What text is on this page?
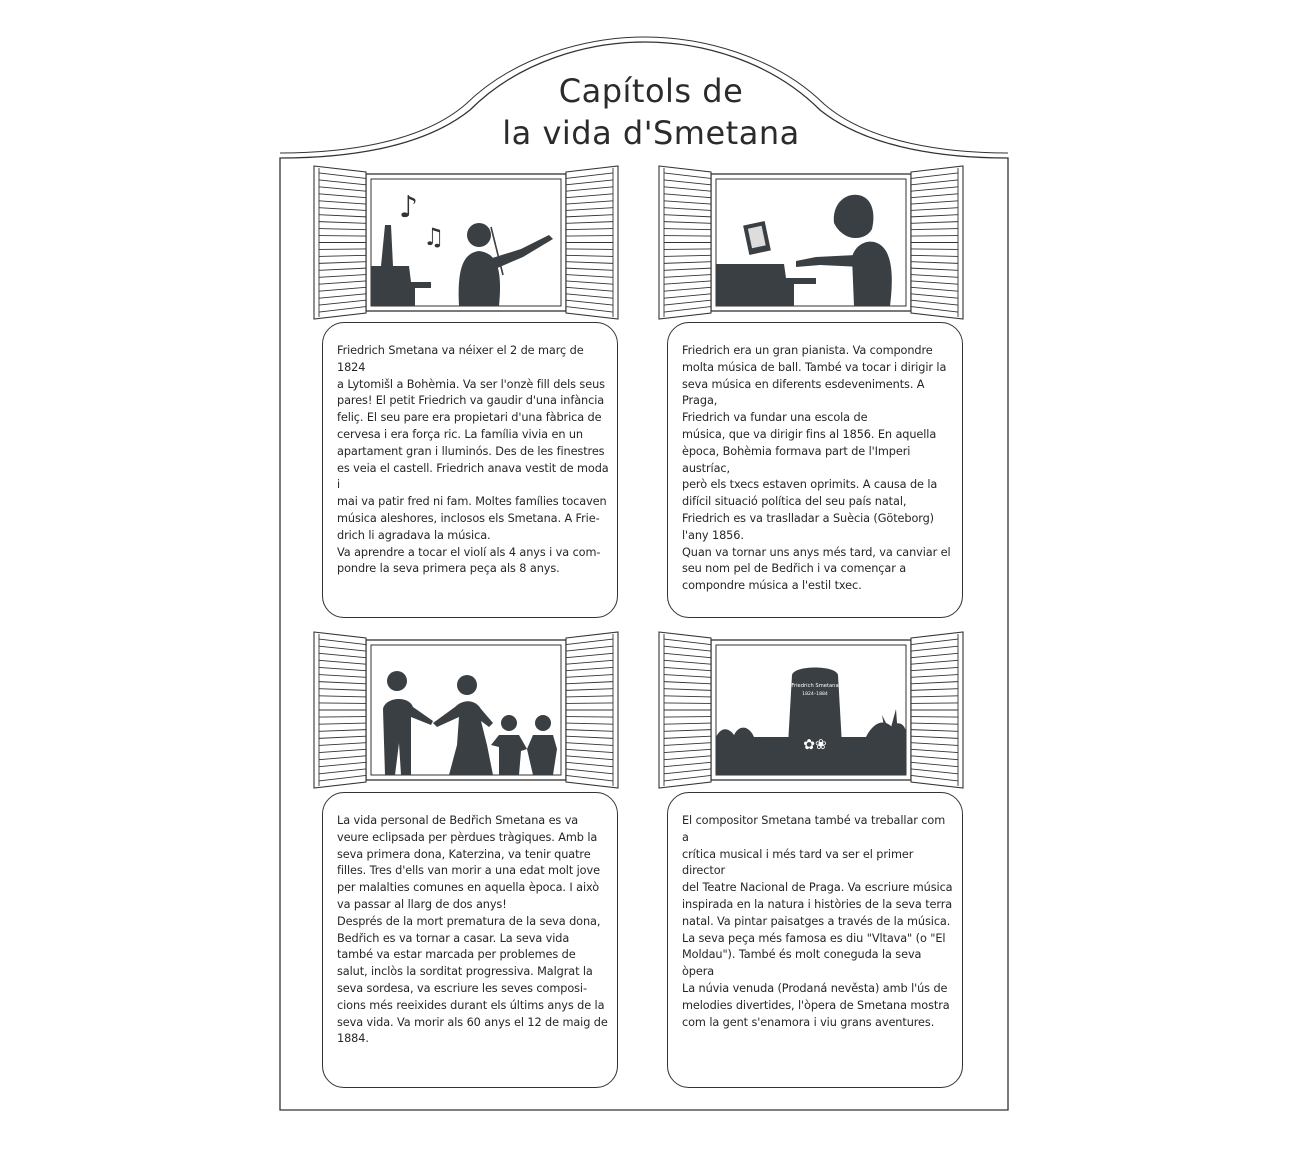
♪
♫
Friedrich Smetana
1824–1884
✿❀
Capítols de
la vida d'Smetana
Friedrich Smetana va néixer el 2 de març de 1824
a Lytomišl a Bohèmia. Va ser l'onzè fill dels seus
pares! El petit Friedrich va gaudir d'una infància
feliç. El seu pare era propietari d'una fàbrica de
cervesa i era força ric. La família vivia en un
apartament gran i lluminós. Des de les finestres
es veia el castell. Friedrich anava vestit de moda i
mai va patir fred ni fam. Moltes famílies tocaven
música aleshores, inclosos els Smetana. A Frie-
drich li agradava la música.
Va aprendre a tocar el violí als 4 anys i va com-
pondre la seva primera peça als 8 anys.
Friedrich era un gran pianista. Va compondre
molta música de ball. També va tocar i dirigir la
seva música en diferents esdeveniments. A Praga,
Friedrich va fundar una escola de
música, que va dirigir fins al 1856. En aquella
època, Bohèmia formava part de l'Imperi austríac,
però els txecs estaven oprimits. A causa de la
difícil situació política del seu país natal,
Friedrich es va traslladar a Suècia (Göteborg)
l'any 1856.
Quan va tornar uns anys més tard, va canviar el
seu nom pel de Bedřich i va començar a
compondre música a l'estil txec.
La vida personal de Bedřich Smetana es va
veure eclipsada per pèrdues tràgiques. Amb la
seva primera dona, Katerzina, va tenir quatre
filles. Tres d'ells van morir a una edat molt jove
per malalties comunes en aquella època. I això
va passar al llarg de dos anys!
Després de la mort prematura de la seva dona,
Bedřich es va tornar a casar. La seva vida
també va estar marcada per problemes de
salut, inclòs la sorditat progressiva. Malgrat la
seva sordesa, va escriure les seves composi-
cions més reeixides durant els últims anys de la
seva vida. Va morir als 60 anys el 12 de maig de
1884.
El compositor Smetana també va treballar com a
crítica musical i més tard va ser el primer director
del Teatre Nacional de Praga. Va escriure música
inspirada en la natura i històries de la seva terra
natal. Va pintar paisatges a través de la música.
La seva peça més famosa es diu "Vltava" (o "El
Moldau"). També és molt coneguda la seva òpera
La núvia venuda (Prodaná nevěsta) amb l'ús de
melodies divertides, l'òpera de Smetana mostra
com la gent s'enamora i viu grans aventures.
